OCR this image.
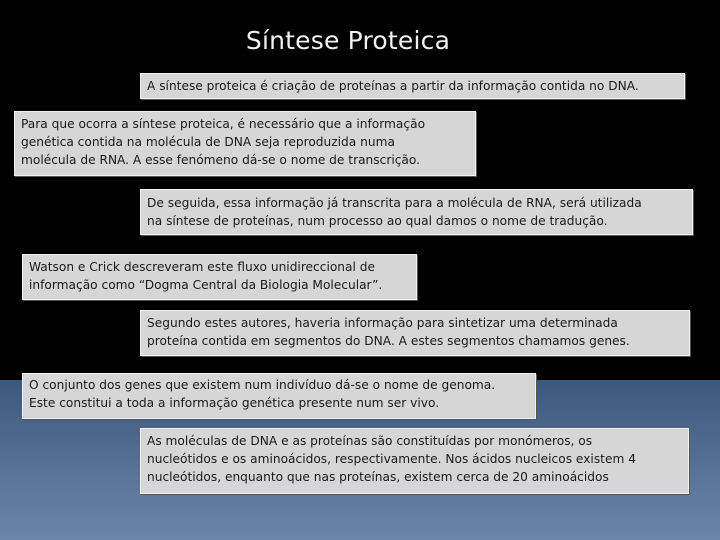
Síntese Proteica
A síntese proteica é criação de proteínas a partir da informação contida no DNA.
Para que ocorra a síntese proteica, é necessário que a informação
genética contida na molécula de DNA seja reproduzida numa
molécula de RNA. A esse fenómeno dá-se o nome de transcrição.
De seguida, essa informação já transcrita para a molécula de RNA, será utilizada
na síntese de proteínas, num processo ao qual damos o nome de tradução.
Watson e Crick descreveram este fluxo unidireccional de
informação como “Dogma Central da Biologia Molecular”.
Segundo estes autores, haveria informação para sintetizar uma determinada
proteína contida em segmentos do DNA. A estes segmentos chamamos genes.
O conjunto dos genes que existem num indivíduo dá-se o nome de genoma.
Este constitui a toda a informação genética presente num ser vivo.
As moléculas de DNA e as proteínas são constituídas por monómeros, os
nucleótidos e os aminoácidos, respectivamente. Nos ácidos nucleicos existem 4
nucleótidos, enquanto que nas proteínas, existem cerca de 20 aminoácidos
